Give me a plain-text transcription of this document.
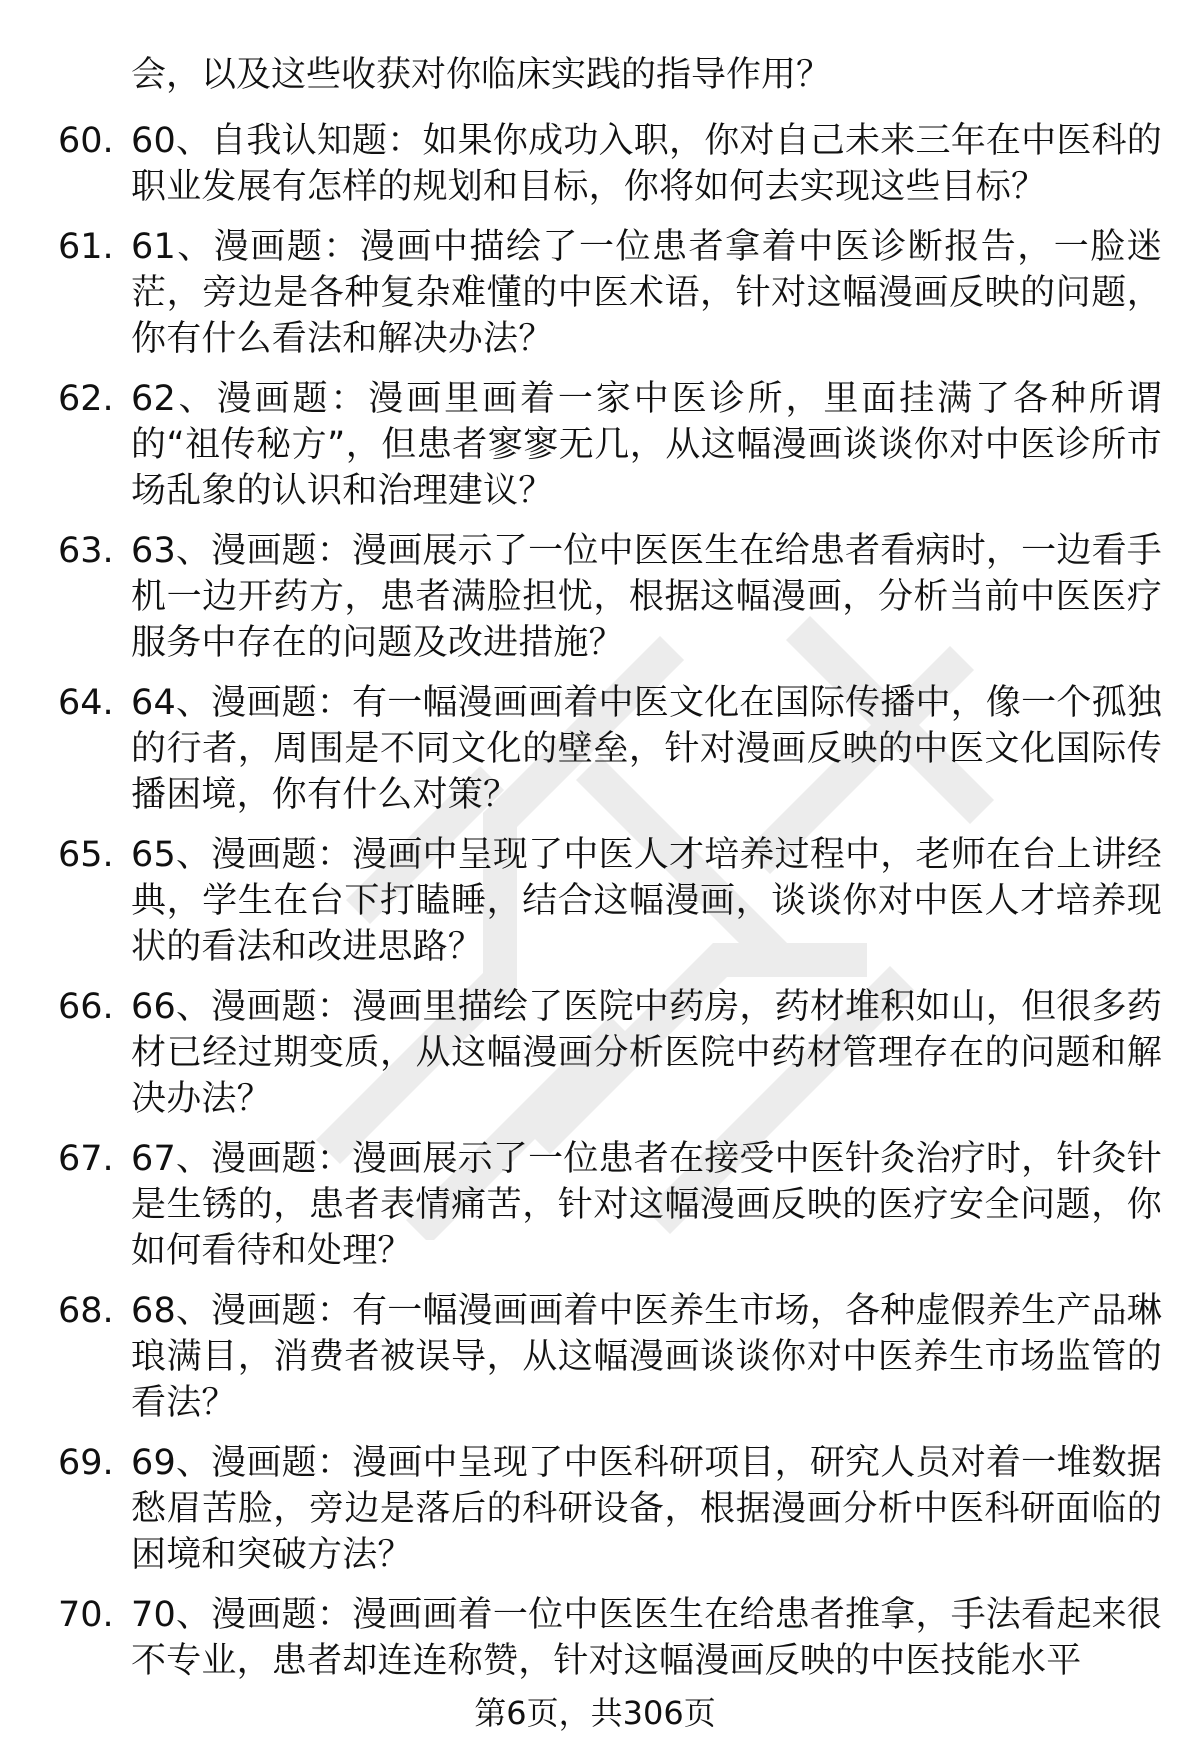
会，以及这些收获对你临床实践的指导作用？
60. 60、自我认知题：如果你成功入职，你对自己未来三年在中医科的职业发展有怎样的规划和目标，你将如何去实现这些目标？
61. 61、漫画题：漫画中描绘了一位患者拿着中医诊断报告，一脸迷茫，旁边是各种复杂难懂的中医术语，针对这幅漫画反映的问题，你有什么看法和解决办法？
62. 62、漫画题：漫画里画着一家中医诊所，里面挂满了各种所谓的“祖传秘方”，但患者寥寥无几，从这幅漫画谈谈你对中医诊所市场乱象的认识和治理建议？
63. 63、漫画题：漫画展示了一位中医医生在给患者看病时，一边看手机一边开药方，患者满脸担忧，根据这幅漫画，分析当前中医医疗服务中存在的问题及改进措施？
64. 64、漫画题：有一幅漫画画着中医文化在国际传播中，像一个孤独的行者，周围是不同文化的壁垒，针对漫画反映的中医文化国际传播困境，你有什么对策？
65. 65、漫画题：漫画中呈现了中医人才培养过程中，老师在台上讲经典，学生在台下打瞌睡，结合这幅漫画，谈谈你对中医人才培养现状的看法和改进思路？
66. 66、漫画题：漫画里描绘了医院中药房，药材堆积如山，但很多药材已经过期变质，从这幅漫画分析医院中药材管理存在的问题和解决办法？
67. 67、漫画题：漫画展示了一位患者在接受中医针灸治疗时，针灸针是生锈的，患者表情痛苦，针对这幅漫画反映的医疗安全问题，你如何看待和处理？
68. 68、漫画题：有一幅漫画画着中医养生市场，各种虚假养生产品琳琅满目，消费者被误导，从这幅漫画谈谈你对中医养生市场监管的看法？
69. 69、漫画题：漫画中呈现了中医科研项目，研究人员对着一堆数据愁眉苦脸，旁边是落后的科研设备，根据漫画分析中医科研面临的困境和突破方法？
70. 70、漫画题：漫画画着一位中医医生在给患者推拿，手法看起来很不专业，患者却连连称赞，针对这幅漫画反映的中医技能水平
第6页，共306页
